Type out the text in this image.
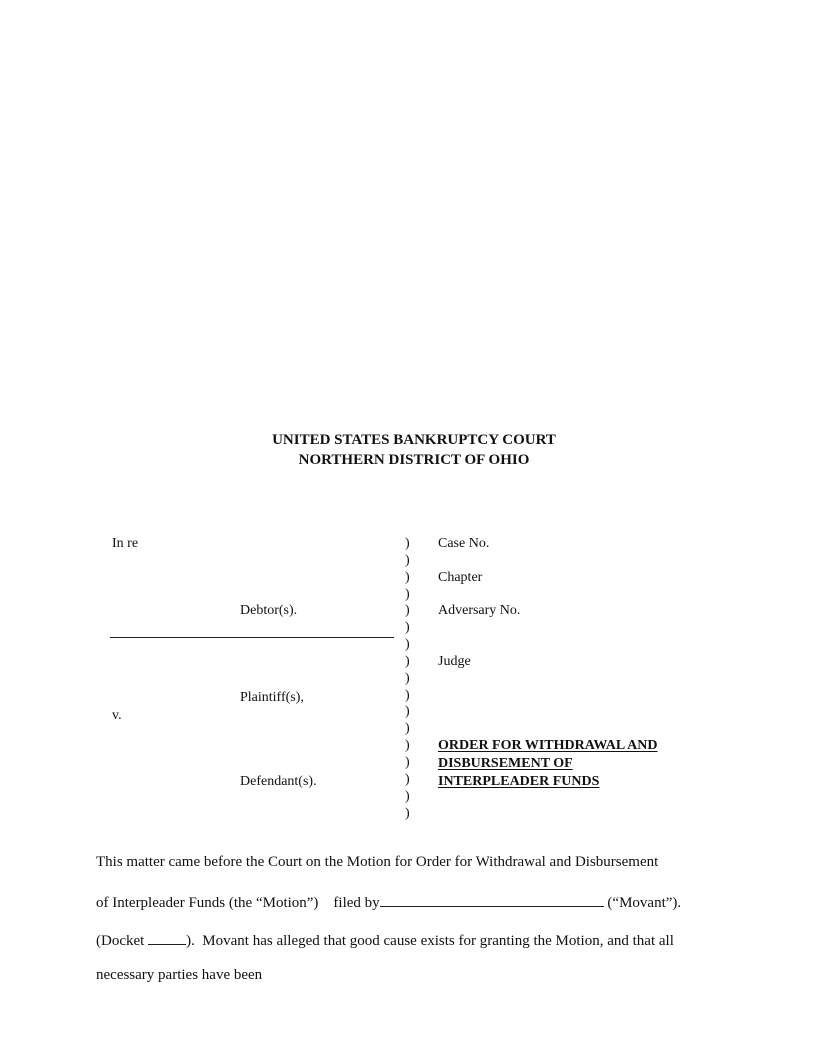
UNITED STATES BANKRUPTCY COURT
NORTHERN DISTRICT OF OHIO
In re
Debtor(s).
Plaintiff(s),
v.
Defendant(s).
)
)
)
)
)
)
)
)
)
)
)
)
)
)
)
)
)
Case No.
Chapter
Adversary No.
Judge
ORDER FOR WITHDRAWAL AND
DISBURSEMENT OF
INTERPLEADER FUNDS
This matter came before the Court on the Motion for Order for Withdrawal and Disbursement
of Interpleader Funds (the “Motion”)    filed by	(“Movant”).
(Docket	).  Movant has alleged that good cause exists for granting the Motion, and that all
necessary parties have been
